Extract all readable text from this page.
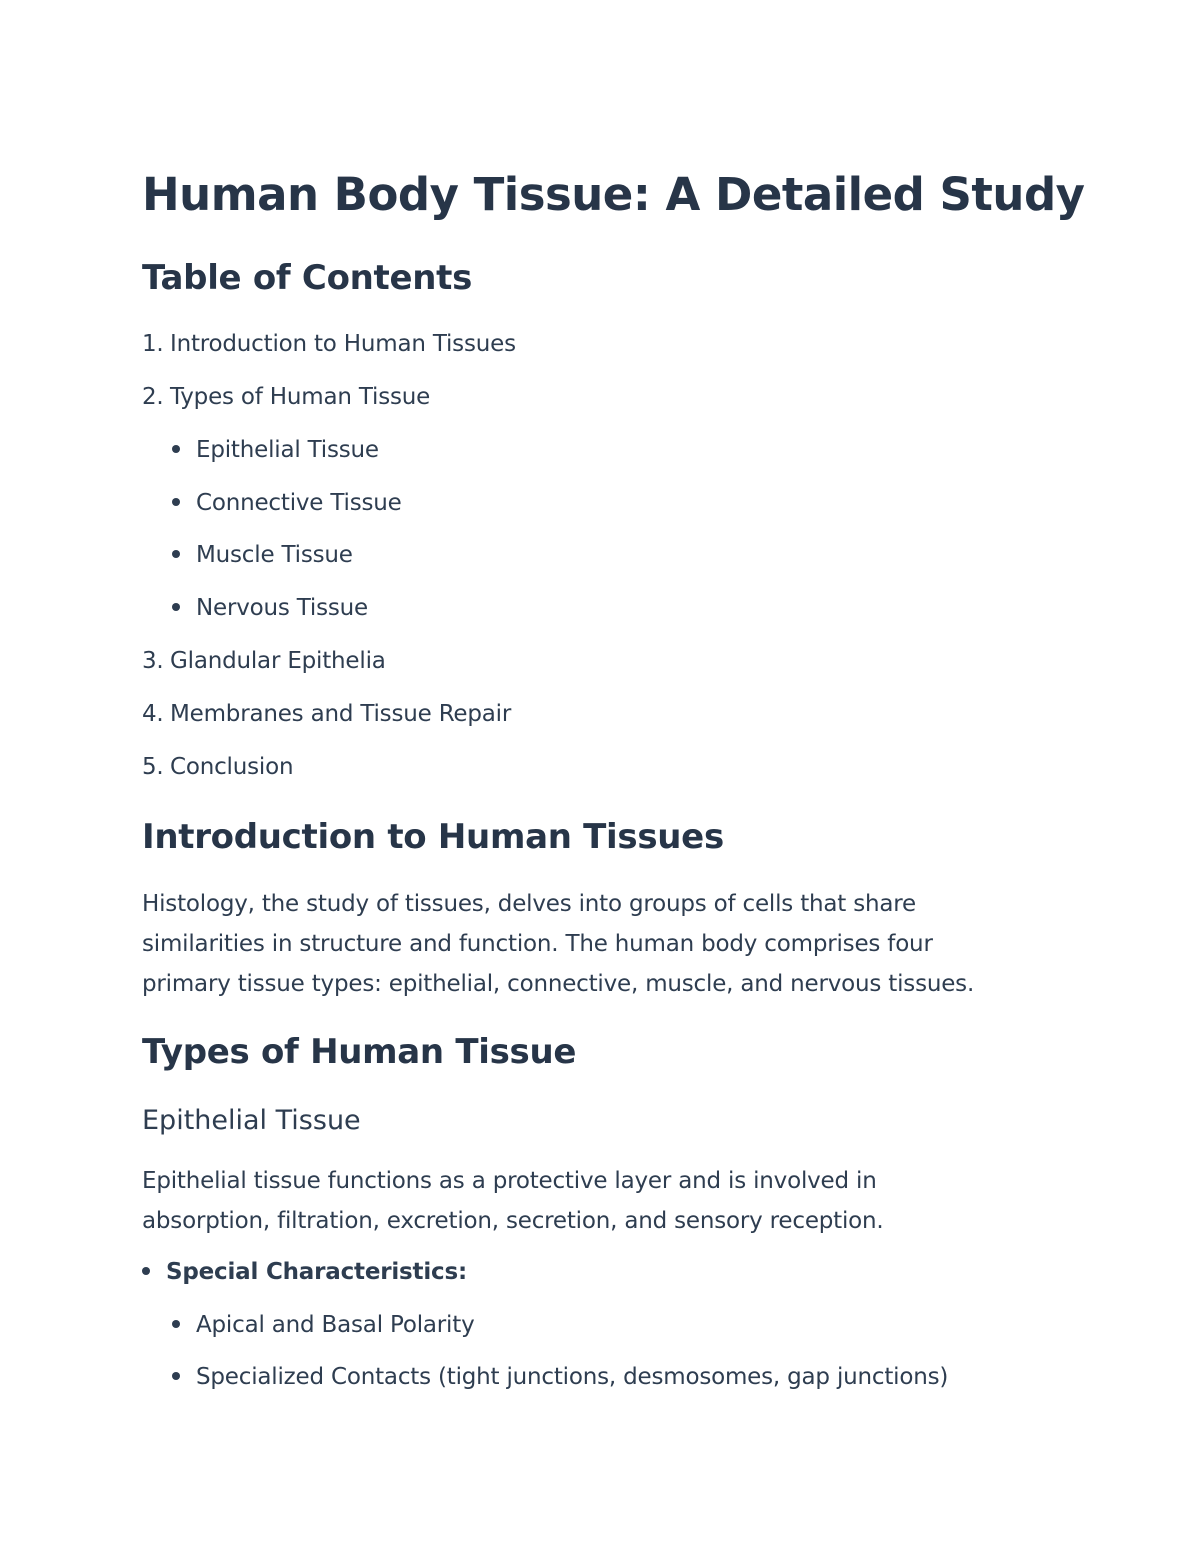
Human Body Tissue: A Detailed Study
Table of Contents
1. Introduction to Human Tissues
2. Types of Human Tissue
Epithelial Tissue
Connective Tissue
Muscle Tissue
Nervous Tissue
3. Glandular Epithelia
4. Membranes and Tissue Repair
5. Conclusion
Introduction to Human Tissues
Histology, the study of tissues, delves into groups of cells that share
similarities in structure and function. The human body comprises four
primary tissue types: epithelial, connective, muscle, and nervous tissues.
Types of Human Tissue
Epithelial Tissue
Epithelial tissue functions as a protective layer and is involved in
absorption, filtration, excretion, secretion, and sensory reception.
Special Characteristics:
Apical and Basal Polarity
Specialized Contacts (tight junctions, desmosomes, gap junctions)
